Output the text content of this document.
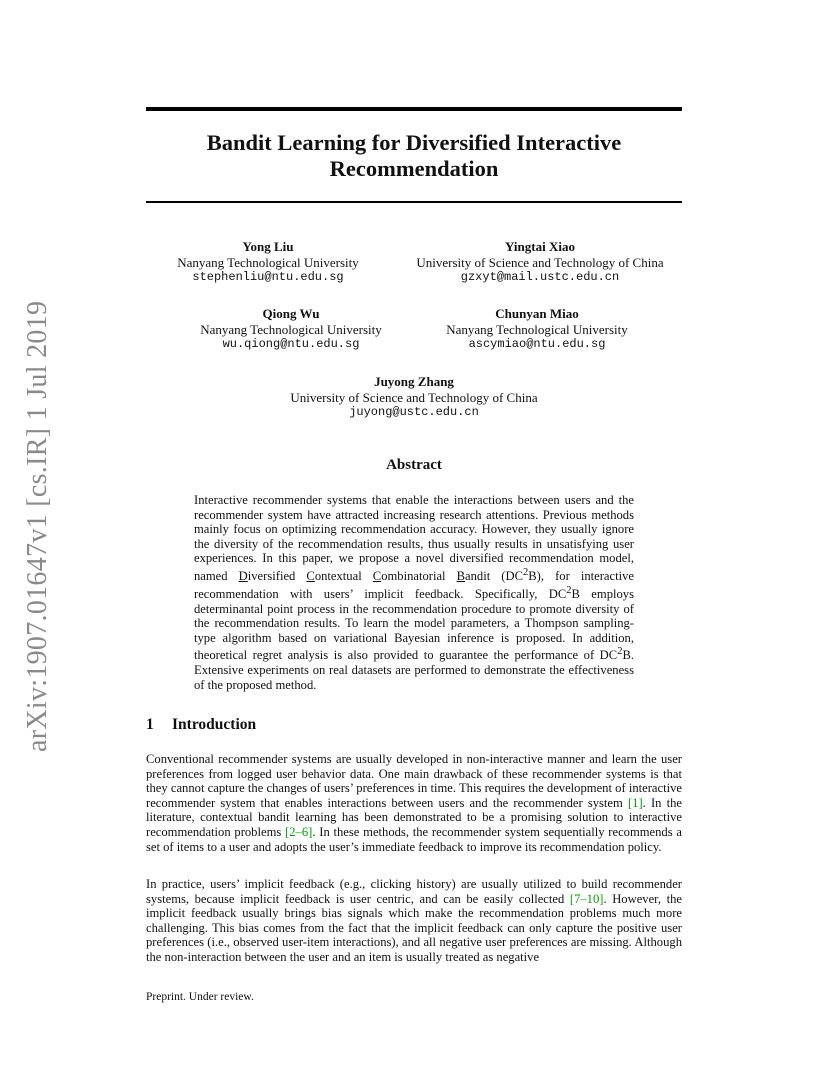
arXiv:1907.01647v1 [cs.IR] 1 Jul 2019
Bandit Learning for Diversified Interactive
Recommendation
Yong Liu
Nanyang Technological University
stephenliu@ntu.edu.sg
Yingtai Xiao
University of Science and Technology of China
gzxyt@mail.ustc.edu.cn
Qiong Wu
Nanyang Technological University
wu.qiong@ntu.edu.sg
Chunyan Miao
Nanyang Technological University
ascymiao@ntu.edu.sg
Juyong Zhang
University of Science and Technology of China
juyong@ustc.edu.cn
Abstract

Interactive recommender systems that enable the interactions between users and the recommender system have attracted increasing research attentions. Previous methods mainly focus on optimizing recommendation accuracy. However, they usually ignore the diversity of the recommendation results, thus usually results in unsatisfying user experiences. In this paper, we propose a novel diversified recommendation model, named Diversified Contextual Combinatorial Bandit $(DC^2B)$, for interactive recommendation with users’ implicit feedback. Specifically, $DC^2B$ employs determinantal point process in the recommendation procedure to promote diversity of the recommendation results. To learn the model parameters, a Thompson sampling-type algorithm based on variational Bayesian inference is proposed. In addition, theoretical regret analysis is also provided to guarantee the performance of $DC^2B$. Extensive experiments on real datasets are performed to demonstrate the effectiveness of the proposed method.

1 Introduction

Conventional recommender systems are usually developed in non-interactive manner and learn the user preferences from logged user behavior data. One main drawback of these recommender systems is that they cannot capture the changes of users’ preferences in time. This requires the development of interactive recommender system that enables interactions between users and the recommender system [1]. In the literature, contextual bandit learning has been demonstrated to be a promising solution to interactive recommendation problems [2–6]. In these methods, the recommender system sequentially recommends a set of items to a user and adopts the user’s immediate feedback to improve its recommendation policy.

In practice, users’ implicit feedback (e.g., clicking history) are usually utilized to build recommender systems, because implicit feedback is user centric, and can be easily collected [7–10]. However, the implicit feedback usually brings bias signals which make the recommendation problems much more challenging. This bias comes from the fact that the implicit feedback can only capture the positive user preferences (i.e., observed user-item interactions), and all negative user preferences are missing. Although the non-interaction between the user and an item is usually treated as negative

Preprint. Under review.
